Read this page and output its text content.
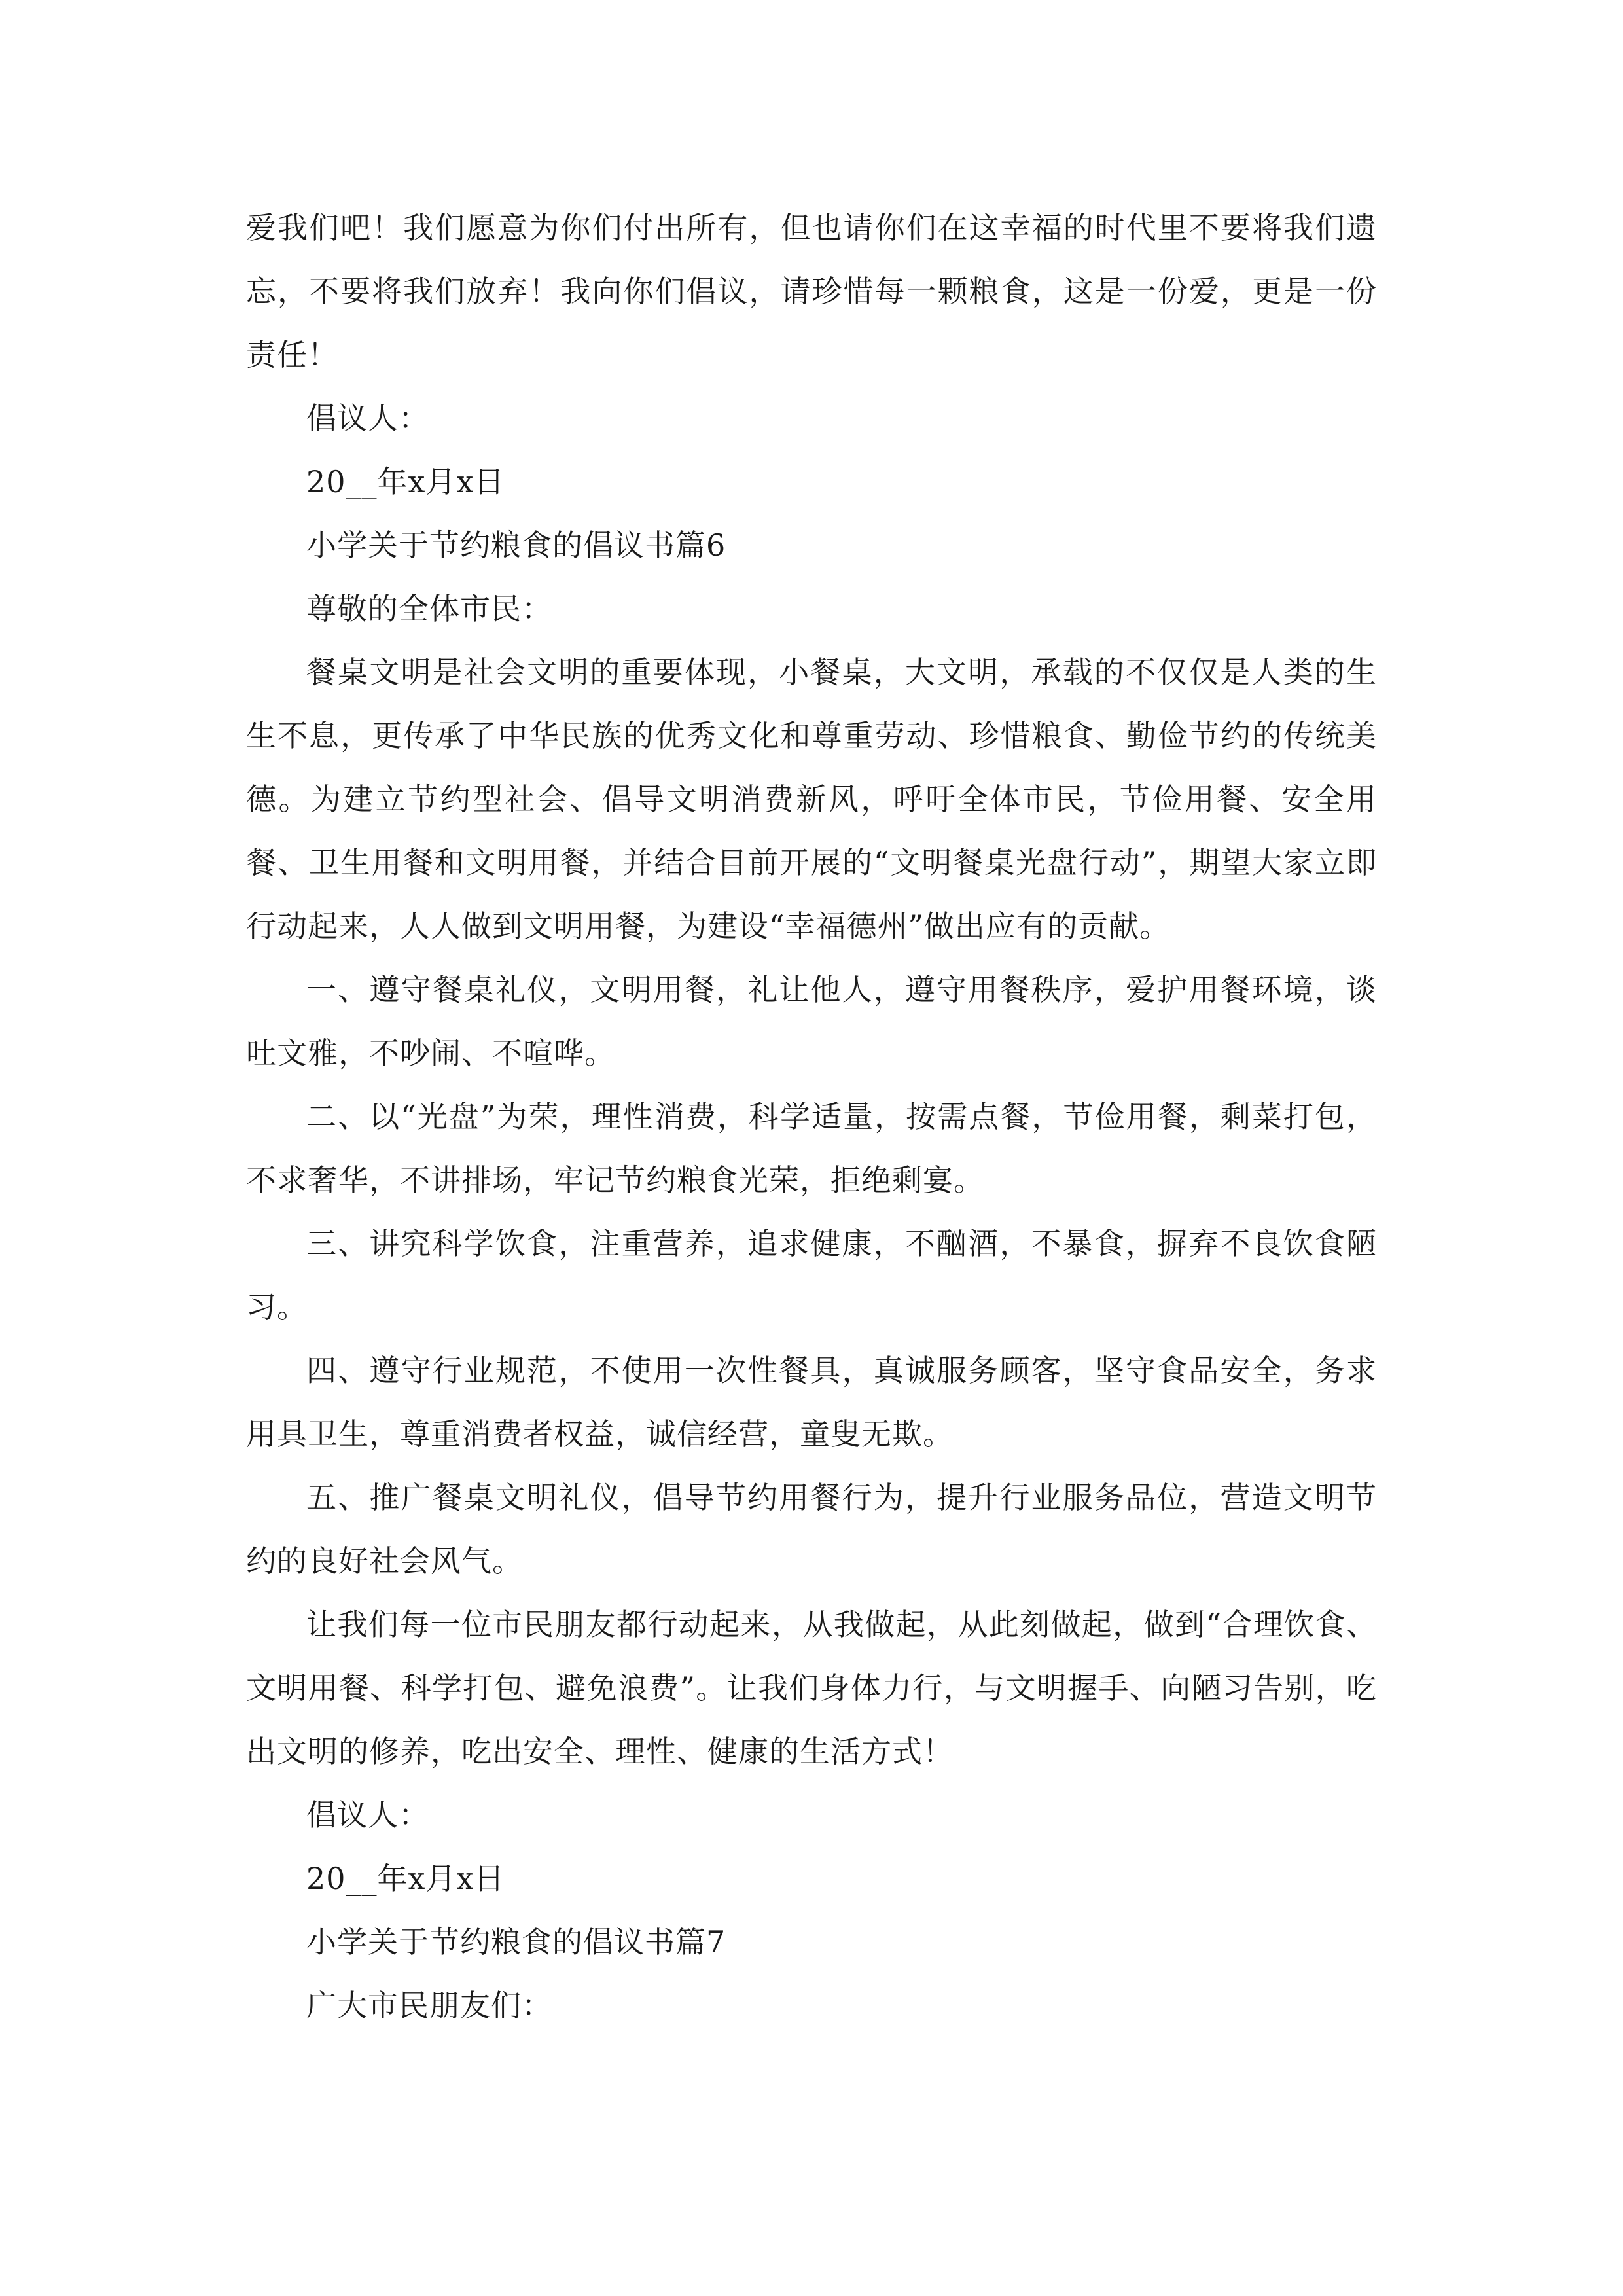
爱我们吧！我们愿意为你们付出所有，但也请你们在这幸福的时代里不要将我们遗忘，不要将我们放弃！我向你们倡议，请珍惜每一颗粮食，这是一份爱，更是一份责任！

倡议人：

20__年x月x日

小学关于节约粮食的倡议书篇6

尊敬的全体市民：

餐桌文明是社会文明的重要体现，小餐桌，大文明，承载的不仅仅是人类的生生不息，更传承了中华民族的优秀文化和尊重劳动、珍惜粮食、勤俭节约的传统美德。为建立节约型社会、倡导文明消费新风，呼吁全体市民，节俭用餐、安全用餐、卫生用餐和文明用餐，并结合目前开展的“文明餐桌光盘行动”，期望大家立即行动起来，人人做到文明用餐，为建设“幸福德州”做出应有的贡献。

一、遵守餐桌礼仪，文明用餐，礼让他人，遵守用餐秩序，爱护用餐环境，谈吐文雅，不吵闹、不喧哗。

二、以“光盘”为荣，理性消费，科学适量，按需点餐，节俭用餐，剩菜打包，不求奢华，不讲排场，牢记节约粮食光荣，拒绝剩宴。

三、讲究科学饮食，注重营养，追求健康，不酗酒，不暴食，摒弃不良饮食陋习。

四、遵守行业规范，不使用一次性餐具，真诚服务顾客，坚守食品安全，务求用具卫生，尊重消费者权益，诚信经营，童叟无欺。

五、推广餐桌文明礼仪，倡导节约用餐行为，提升行业服务品位，营造文明节约的良好社会风气。

让我们每一位市民朋友都行动起来，从我做起，从此刻做起，做到“合理饮食、文明用餐、科学打包、避免浪费”。让我们身体力行，与文明握手、向陋习告别，吃出文明的修养，吃出安全、理性、健康的生活方式！

倡议人：

20__年x月x日

小学关于节约粮食的倡议书篇7

广大市民朋友们：
